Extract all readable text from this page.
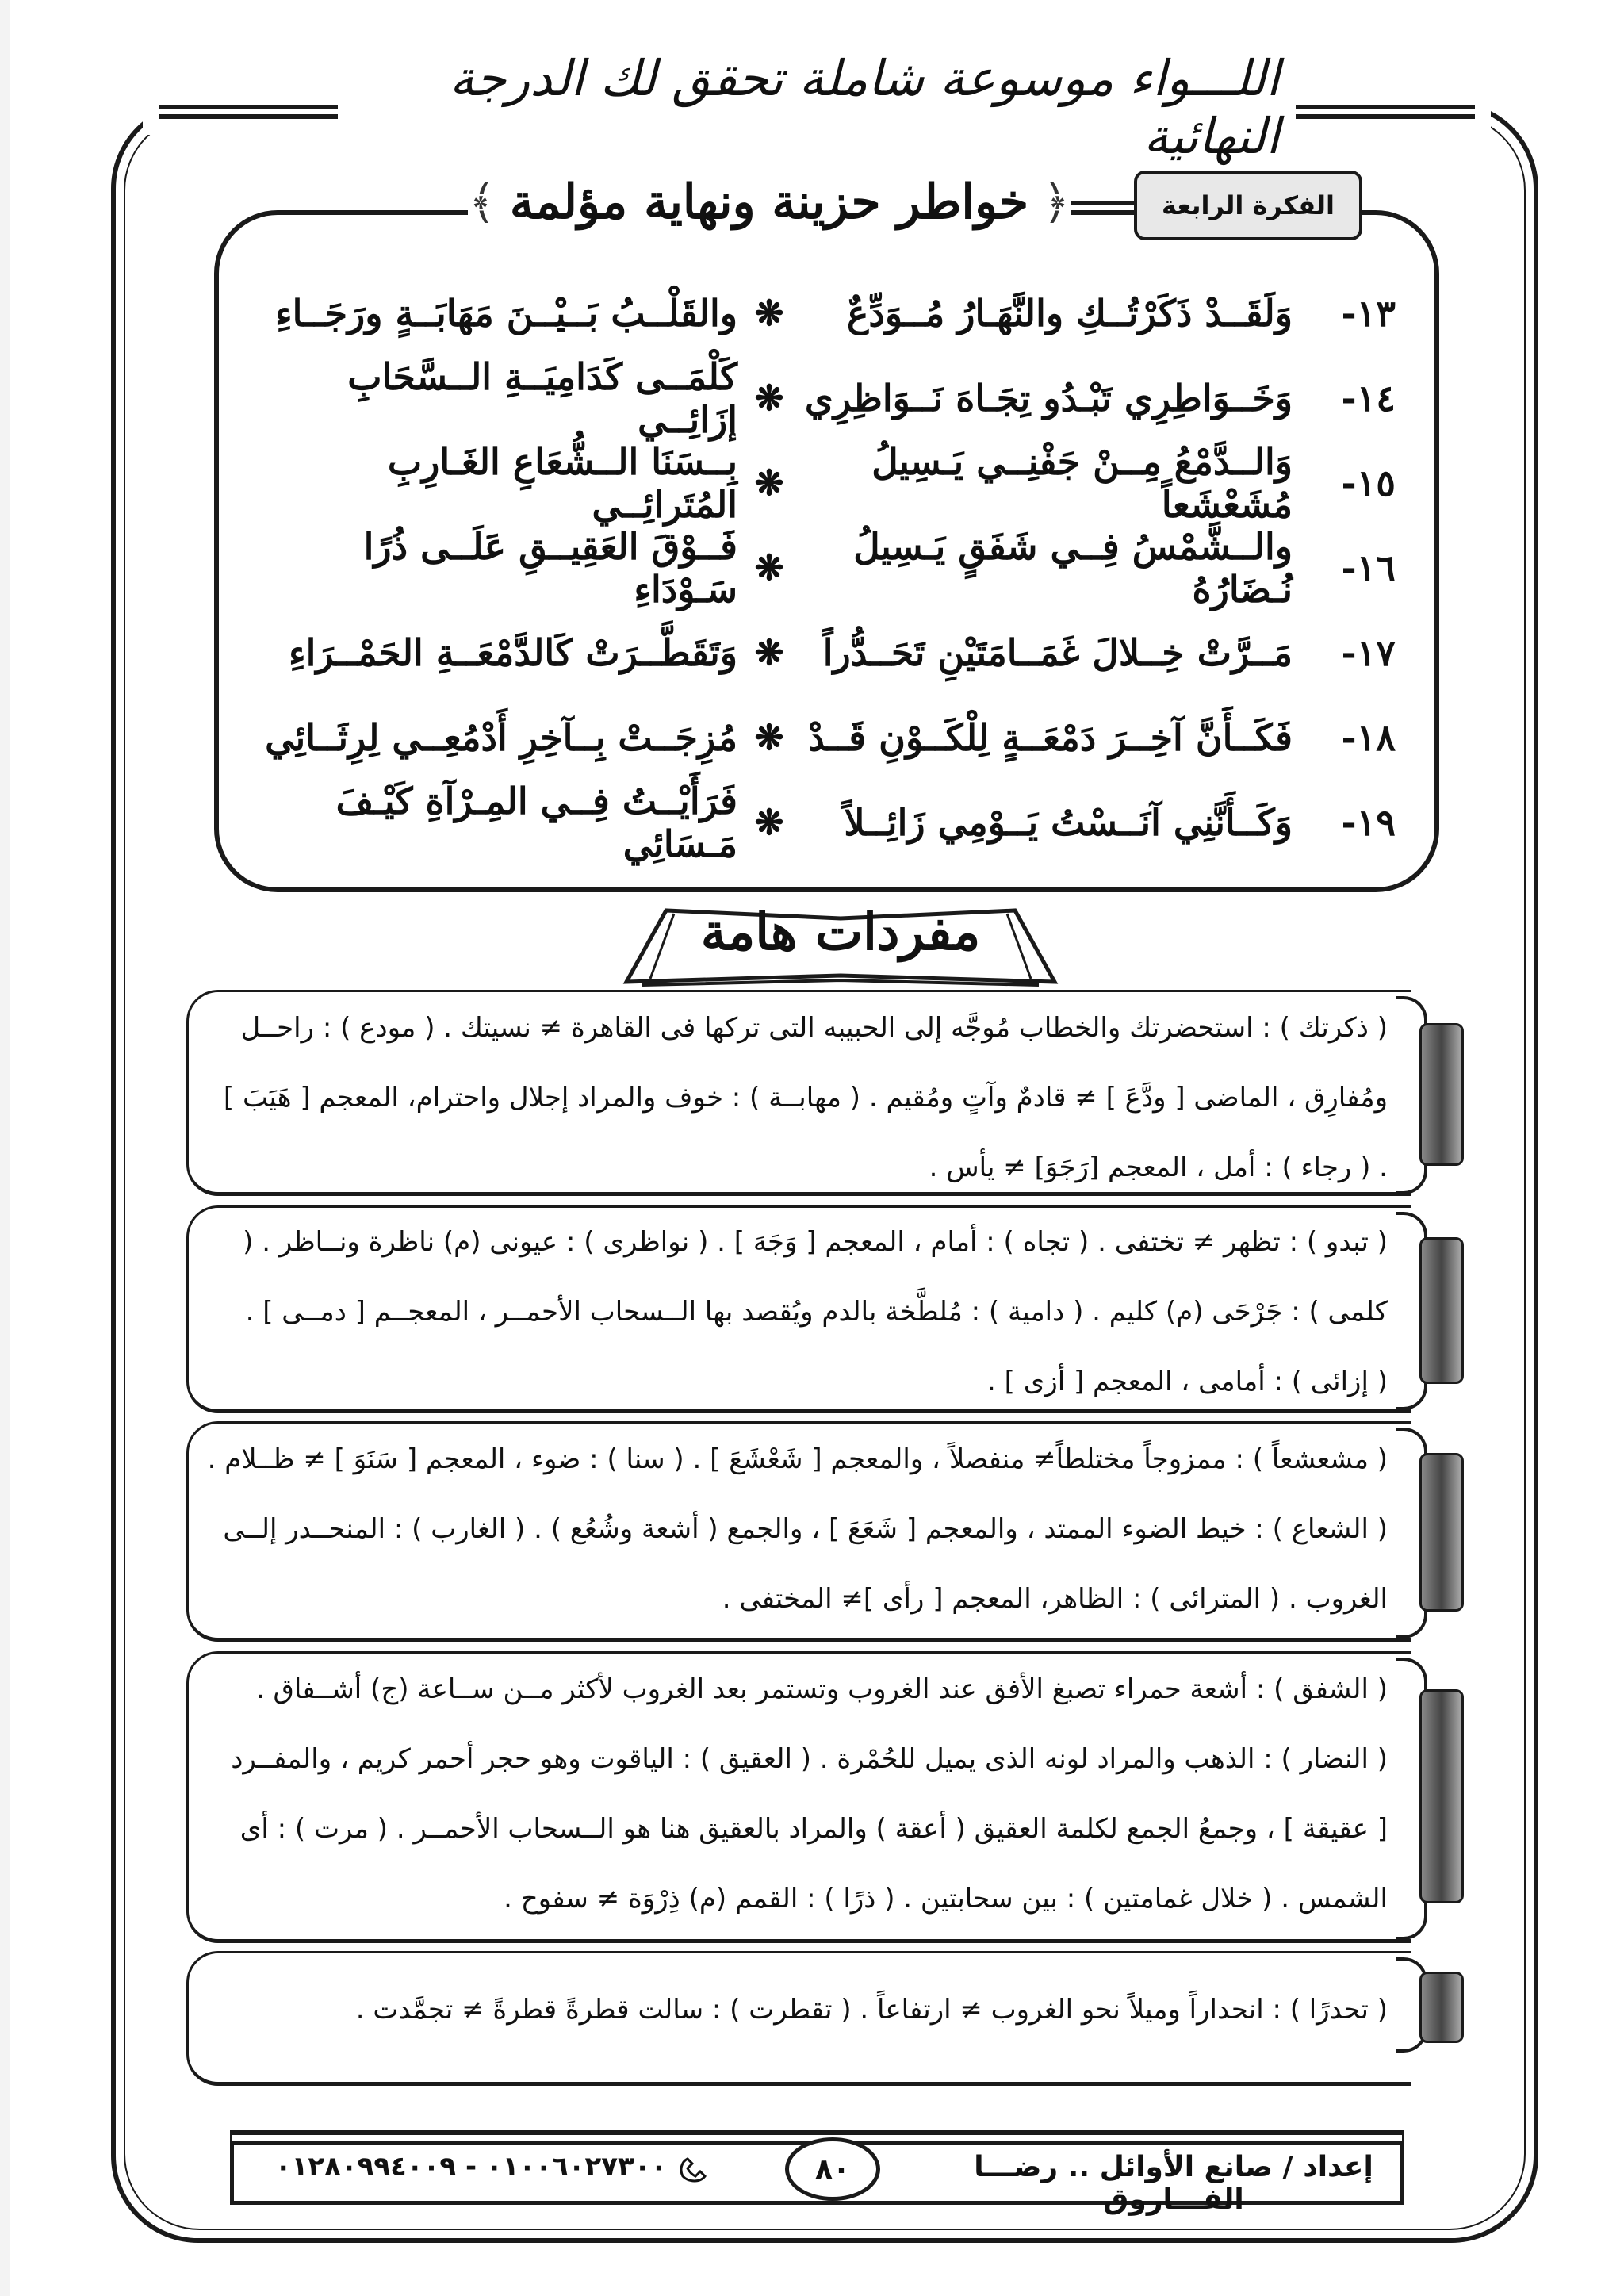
اللـــواء موسوعة شاملة تحقق لك الدرجة النهائية
الفكرة الرابعة
﴿
خواطر حزينة ونهاية مؤلمة
﴾
١٣-
وَلَقَــدْ ذَكَرْتُــكِ والنَّهَـارُ مُــوَدِّعٌ
❋
والقَلْــبُ بَــيْــنَ مَهَابَــةٍ ورَجَــاءِ
١٤-
وَخَــوَاطِرِي تَبْـدُو تِجَـاهَ نَــوَاظِرِي
❋
كَلْمَــى كَدَامِيَــةِ الــسَّحَابِ إزَائِــي
١٥-
وَالــدَّمْعُ مِــنْ جَفْنِــي يَـسِيلُ مُشَعْشَعاً
❋
بِــسَنَا الــشُّعَاعِ الغَـارِبِ المُتَرائِــي
١٦-
والــشَّمْسُ فِــي شَفَقٍ يَـسِيلُ نُـضَارُهُ
❋
فَــوْقَ العَقِيــقِ عَلَــى ذُرًا سَـوْدَاءِ
١٧-
مَــرَّتْ خِــلالَ غَمَــامَتَيْنِ تَحَــدُّراً
❋
وَتَقَطَّــرَتْ كَالدَّمْعَــةِ الحَمْــرَاءِ
١٨-
فَكَــأَنَّ آخِــرَ دَمْعَــةٍ لِلْكَــوْنِ قَــدْ
❋
مُزِجَــتْ بِــآخِرِ أَدْمُعِــي لِرِثَــائِي
١٩-
وَكَــأَنَّنِي آنَــسْتُ يَــوْمِي زَائِــلاً
❋
فَرَأَيْــتُ فِــي المِـرْآةِ كَيْـفَ مَـسَائِي
مفردات هامة

( ذكرتك ) : استحضرتك والخطاب مُوجَّه إلى الحبيبه التى تركها فى القاهرة ≠ نسيتك . ( مودع ) : راحــل

ومُفارِق ، الماضى [ ودَّعَ ] ≠ قادمٌ وآتٍ ومُقيم . ( مهابــة ) : خوف والمراد إجلال واحترام، المعجم [ هَيَبَ ]

. ( رجاء ) : أمل ، المعجم [رَجَوَ] ≠ يأس .

( تبدو ) : تظهر ≠ تختفى . ( تجاه ) : أمام ، المعجم [ وَجَهَ ] . ( نواظرى ) : عيونى (م) ناظرة ونــاظر . (

كلمى ) : جَرْحَى (م) كليم . ( دامية ) : مُلطَّخة بالدم ويُقصد بها الــسحاب الأحمــر ، المعجــم [ دمــى ] .

( إزائى ) : أمامى ، المعجم [ أزى ] .

( مشعشعاً ) : ممزوجاً مختلطاً≠ منفصلاً ، والمعجم [ شَعْشَعَ ] . ( سنا ) : ضوء ، المعجم [ سَنَوَ ] ≠ ظــلام .

( الشعاع ) : خيط الضوء الممتد ، والمعجم [ شَعَعَ ] ، والجمع ( أشعة وشُعُع ) . ( الغارب ) : المنحــدر إلــى

الغروب . ( المترائى ) : الظاهر، المعجم [ رأى ]≠ المختفى .

( الشفق ) : أشعة حمراء تصبغ الأفق عند الغروب وتستمر بعد الغروب لأكثر مــن ســاعة (ج) أشــفاق .

( النضار ) : الذهب والمراد لونه الذى يميل للحُمْرة . ( العقيق ) : الياقوت وهو حجر أحمر كريم ، والمفــرد

[ عقيقة ] ، وجمعُ الجمع لكلمة العقيق ( أعقة ) والمراد بالعقيق هنا هو الــسحاب الأحمــر . ( مرت ) : أى

الشمس . ( خلال غمامتين ) : بين سحابتين . ( ذرًا ) : القمم (م) ذِرْوَة ≠ سفوح .

( تحدرًا ) : انحداراً وميلاً نحو الغروب ≠ ارتفاعاً . ( تقطرت ) : سالت قطرةً قطرةً ≠ تجمَّدت .

إعداد / صانع الأوائل .. رضـــا الفـــاروق
٨٠
٠١٠٠٦٠٢٧٣٠٠ - ٠١٢٨٠٩٩٤٠٠٩
